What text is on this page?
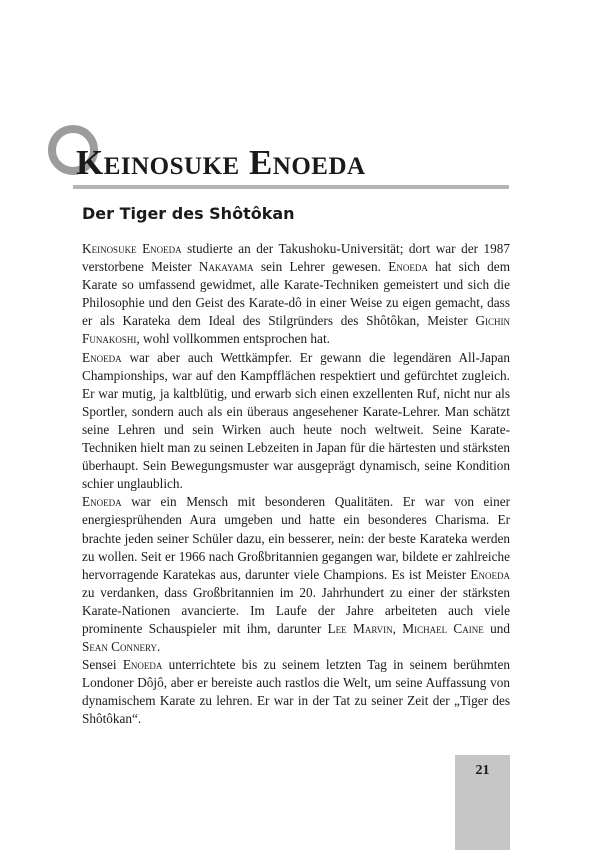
Keinosuke Enoeda
Der Tiger des Shôtôkan

Keinosuke Enoeda studierte an der Takushoku-Universität; dort war der 1987 verstorbene Meister Nakayama sein Lehrer gewesen. Enoeda hat sich dem Karate so umfassend gewidmet, alle Karate-Techniken gemeistert und sich die Philosophie und den Geist des Karate-dô in einer Weise zu eigen gemacht, dass er als Karateka dem Ideal des Stilgründers des Shôtôkan, Meister Gichin Funakoshi, wohl vollkommen entsprochen hat.

Enoeda war aber auch Wettkämpfer. Er gewann die legendären All-Japan Championships, war auf den Kampfflächen respektiert und gefürchtet zugleich. Er war mutig, ja kaltblütig, und erwarb sich einen exzellenten Ruf, nicht nur als Sportler, sondern auch als ein überaus angesehener Karate-Lehrer. Man schätzt seine Lehren und sein Wirken auch heute noch weltweit. Seine Karate-Techniken hielt man zu seinen Lebzeiten in Japan für die härtesten und stärksten überhaupt. Sein Bewegungsmuster war ausgeprägt dynamisch, seine Kondition schier unglaublich.

Enoeda war ein Mensch mit besonderen Qualitäten. Er war von einer energiesprühenden Aura umgeben und hatte ein besonderes Charisma. Er brachte jeden seiner Schüler dazu, ein besserer, nein: der beste Karateka werden zu wollen. Seit er 1966 nach Großbritannien gegangen war, bildete er zahlreiche hervorragende Karatekas aus, darunter viele Champions. Es ist Meister Enoeda zu verdanken, dass Großbritannien im 20. Jahrhundert zu einer der stärksten Karate-Nationen avancierte. Im Laufe der Jahre arbeiteten auch viele prominente Schauspieler mit ihm, darunter Lee Marvin, Michael Caine und Sean Connery.

Sensei Enoeda unterrichtete bis zu seinem letzten Tag in seinem berühmten Londoner Dôjô, aber er bereiste auch rastlos die Welt, um seine Auffassung von dynamischem Karate zu lehren. Er war in der Tat zu seiner Zeit der „Tiger des Shôtôkan“.

21
